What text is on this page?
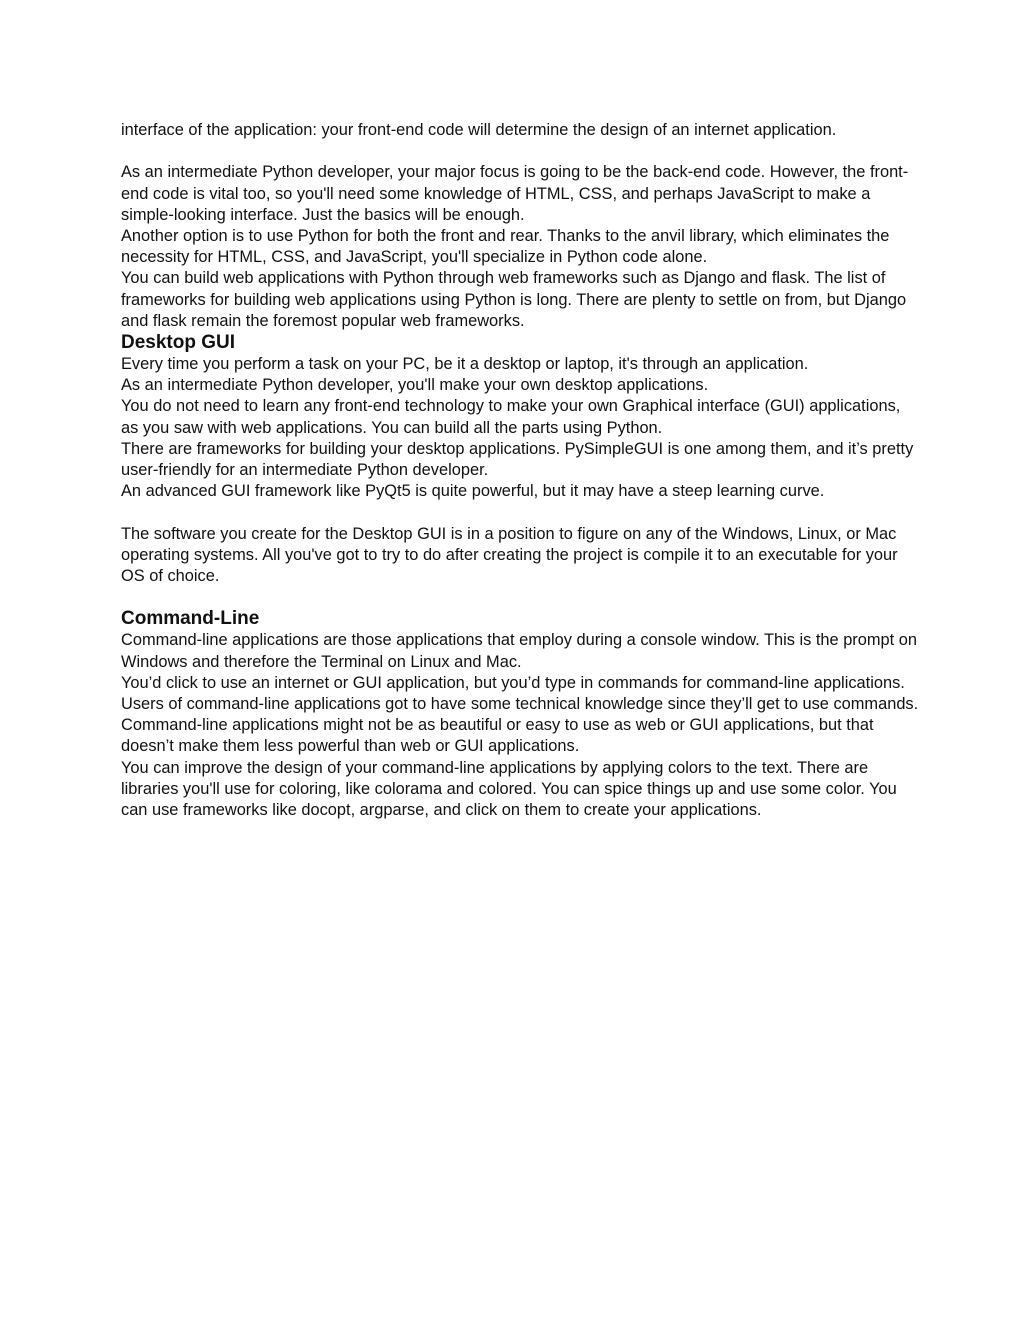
interface of the application: your front-end code will determine the design of an internet application.

As an intermediate Python developer, your major focus is going to be the back-end code. However, the front-end code is vital too, so you'll need some knowledge of HTML, CSS, and perhaps JavaScript to make a simple-looking interface. Just the basics will be enough.

Another option is to use Python for both the front and rear. Thanks to the anvil library, which eliminates the necessity for HTML, CSS, and JavaScript, you'll specialize in Python code alone.

You can build web applications with Python through web frameworks such as Django and flask. The list of frameworks for building web applications using Python is long. There are plenty to settle on from, but Django and flask remain the foremost popular web frameworks.

Desktop GUI

Every time you perform a task on your PC, be it a desktop or laptop, it's through an application.

As an intermediate Python developer, you'll make your own desktop applications.

You do not need to learn any front-end technology to make your own Graphical interface (GUI) applications, as you saw with web applications. You can build all the parts using Python.

There are frameworks for building your desktop applications. PySimpleGUI is one among them, and it’s pretty user-friendly for an intermediate Python developer.

An advanced GUI framework like PyQt5 is quite powerful, but it may have a steep learning curve.

The software you create for the Desktop GUI is in a position to figure on any of the Windows, Linux, or Mac operating systems. All you've got to try to do after creating the project is compile it to an executable for your OS of choice.

Command-Line

Command-line applications are those applications that employ during a console window. This is the prompt on Windows and therefore the Terminal on Linux and Mac.

You’d click to use an internet or GUI application, but you’d type in commands for command-line applications. Users of command-line applications got to have some technical knowledge since they’ll get to use commands.

Command-line applications might not be as beautiful or easy to use as web or GUI applications, but that doesn’t make them less powerful than web or GUI applications.

You can improve the design of your command-line applications by applying colors to the text. There are libraries you'll use for coloring, like colorama and colored. You can spice things up and use some color. You can use frameworks like docopt, argparse, and click on them to create your applications.
